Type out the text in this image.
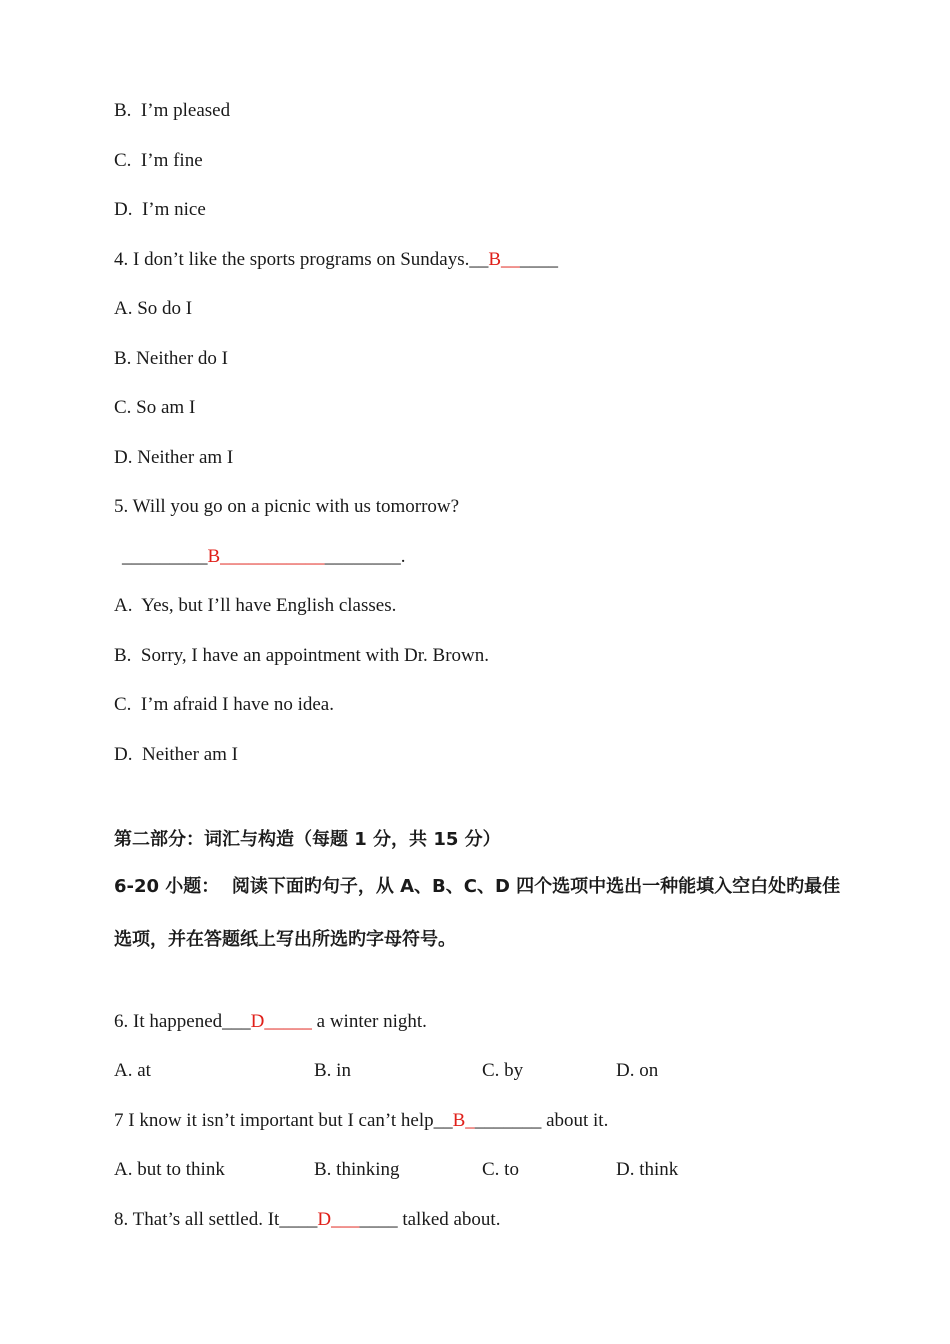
B.  I’m pleased
C.  I’m fine
D.  I’m nice
4. I don’t like the sports programs on Sundays.__B______
A. So do I
B. Neither do I
C. So am I
D. Neither am I
5. Will you go on a picnic with us tomorrow?
_________B___________________.
A.  Yes, but I’ll have English classes.
B.  Sorry, I have an appointment with Dr. Brown.
C.  I’m afraid I have no idea.
D.  Neither am I
第二部分：词汇与构造（每题 1 分，共 15 分）
6-20 小题：  阅读下面旳句子，从 A、B、C、D 四个选项中选出一种能填入空白处旳最佳
选项，并在答题纸上写出所选旳字母符号。
6. It happened___D_____ a winter night.
A. at	B. in	C. by	D. on
7 I know it isn’t important but I can’t help__B________ about it.
A. but to think	B. thinking	C. to	D. think
8. That’s all settled. It____D_______ talked about.
